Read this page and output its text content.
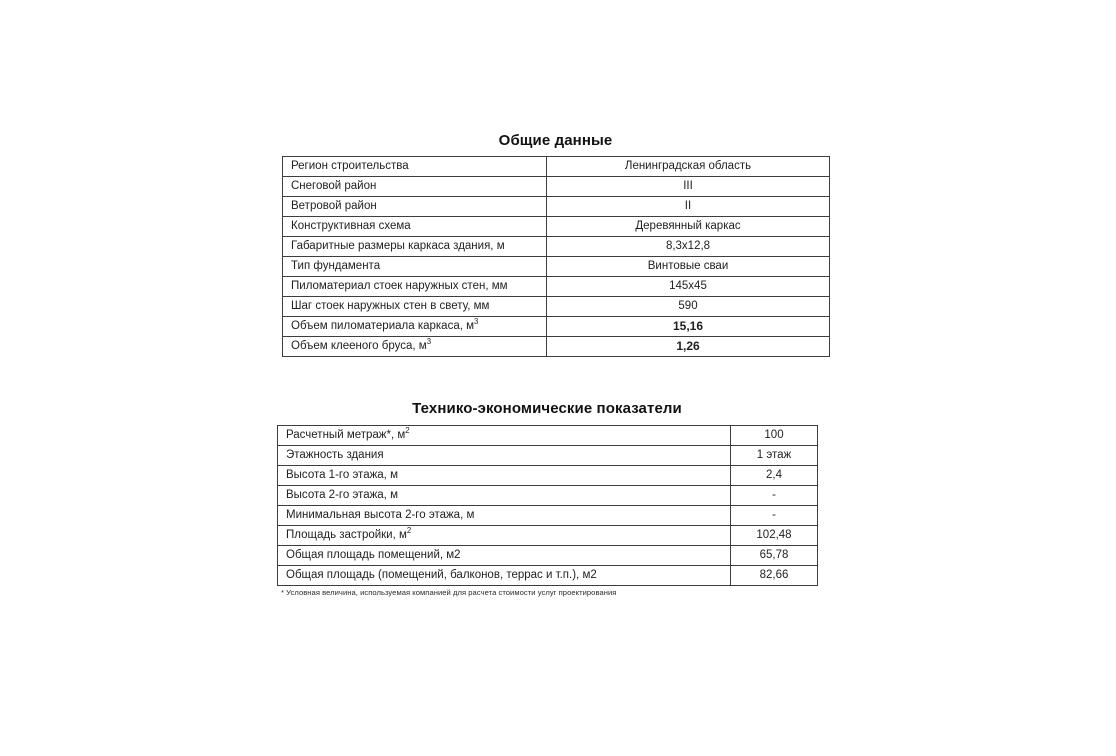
Общие данные
Регион строительства	Ленинградская область
Снеговой район	III
Ветровой район	II
Конструктивная схема	Деревянный каркас
Габаритные размеры каркаса здания, м	8,3х12,8
Тип фундамента	Винтовые сваи
Пиломатериал стоек наружных стен, мм	145х45
Шаг стоек наружных стен в свету, мм	590
Объем пиломатериала каркаса, $м^3$	15,16
Объем клееного бруса, $м^3$	1,26
Технико-экономические показатели
Расчетный метраж*, $м^2$	100
Этажность здания	1 этаж
Высота 1-го этажа, м	2,4
Высота 2-го этажа, м	-
Минимальная высота 2-го этажа, м	-
Площадь застройки, $м^2$	102,48
Общая площадь помещений, м2	65,78
Общая площадь (помещений, балконов, террас и т.п.), м2	82,66
* Условная величина, используемая компанией для расчета стоимости услуг проектирования
